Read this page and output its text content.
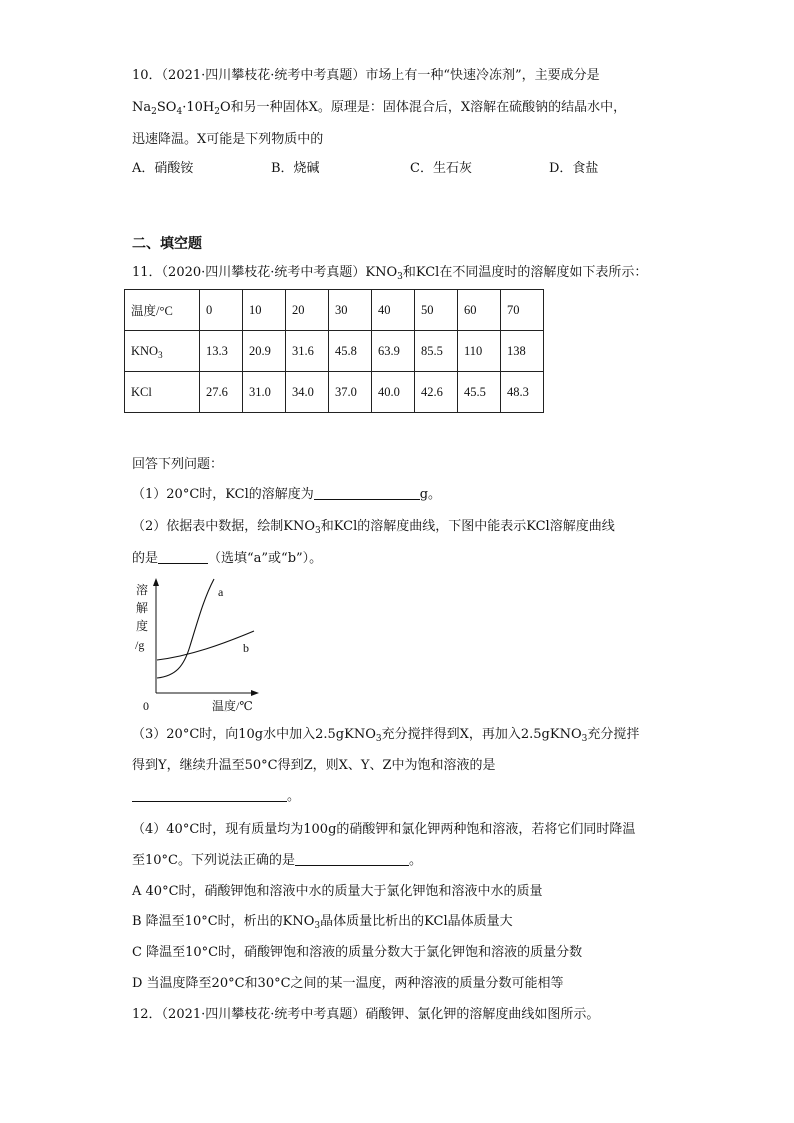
10．（2021·四川攀枝花·统考中考真题）市场上有一种“快速冷冻剂”，主要成分是
$Na_2SO_4\cdot 10H_2O$和另一种固体X。原理是：固体混合后，X溶解在硫酸钠的结晶水中，
迅速降温。X可能是下列物质中的
A．硝酸铵	B．烧碱	C．生石灰	D．食盐
二、填空题
11．（2020·四川攀枝花·统考中考真题）$KNO_3$和KCl在不同温度时的溶解度如下表所示：
温度/°C	0	10	20	30	40	50	60	70
$KNO_3$	13.3	20.9	31.6	45.8	63.9	85.5	110	138
KCl	27.6	31.0	34.0	37.0	40.0	42.6	45.5	48.3
回答下列问题：
（1）20°C时，KCl的溶解度为	g。
（2）依据表中数据，绘制$KNO_3$和KCl的溶解度曲线，下图中能表示KCl溶解度曲线
的是	（选填“a”或“b”）。
溶
解
度
/g
0	温度/℃
a
b
（3）20°C时，向10g水中加入2.5gKNO$_3$充分搅拌得到X，再加入2.5gKNO$_3$充分搅拌
得到Y，继续升温至50°C得到Z，则X、Y、Z中为饱和溶液的是
。
（4）40°C时，现有质量均为100g的硝酸钾和氯化钾两种饱和溶液，若将它们同时降温
至10°C。下列说法正确的是	。
A 40°C时，硝酸钾饱和溶液中水的质量大于氯化钾饱和溶液中水的质量
B 降温至10°C时，析出的$KNO_3$晶体质量比析出的KCl晶体质量大
C 降温至10°C时，硝酸钾饱和溶液的质量分数大于氯化钾饱和溶液的质量分数
D 当温度降至20°C和30°C之间的某一温度，两种溶液的质量分数可能相等
12．（2021·四川攀枝花·统考中考真题）硝酸钾、氯化钾的溶解度曲线如图所示。
